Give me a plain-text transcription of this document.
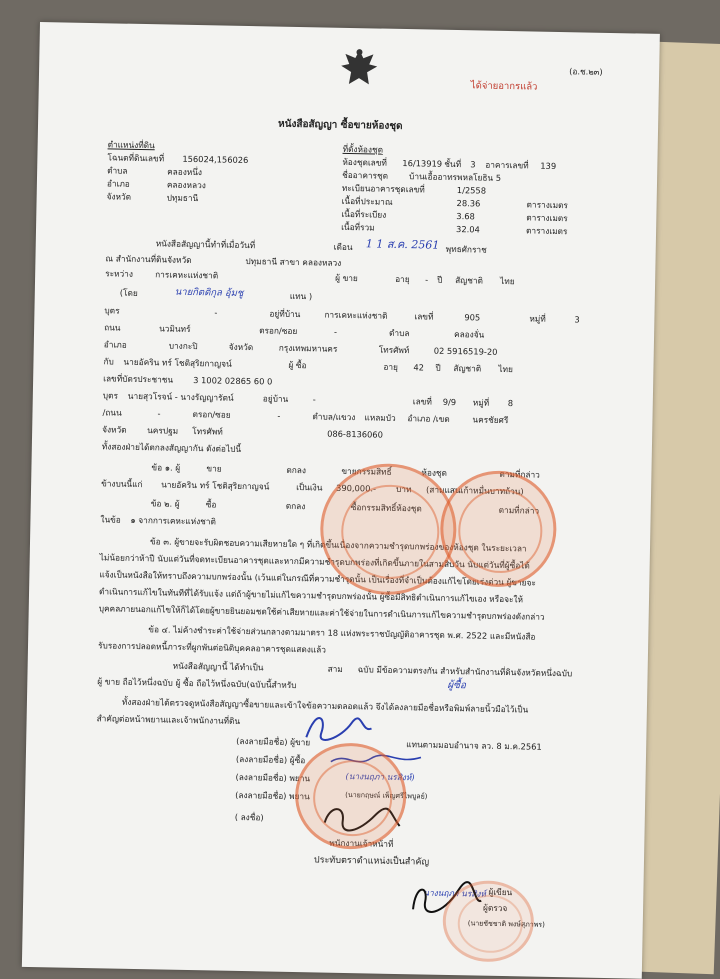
(อ.ช.๒๓)
ได้จ่ายอากรแล้ว
หนังสือสัญญา ซื้อขายห้องชุด
ตำแหน่งที่ดิน
โฉนดที่ดินเลขที่ 156024,156026
ตำบล	คลองหนึ่ง
อำเภอ	คลองหลวง
จังหวัด	ปทุมธานี
ที่ตั้งห้องชุด
ห้องชุดเลขที่ 16/13919 ชั้นที่ 3 อาคารเลขที่ 139
ชื่ออาคารชุด	บ้านเอื้ออาทรพหลโยธิน 5
ทะเบียนอาคารชุดเลขที่	1/2558
เนื้อที่ประมาณ	28.36	ตารางเมตร
เนื้อที่ระเบียง	3.68	ตารางเมตร
เนื้อที่รวม	32.04	ตารางเมตร
หนังสือสัญญานี้ทำที่เมื่อวันที่	เดือน 1 1 ส.ค. 2561 พุทธศักราช
ณ สำนักงานที่ดินจังหวัด	ปทุมธานี สาขา คลองหลวง
ระหว่าง	การเคหะแห่งชาติ	ผู้ ขาย	อายุ - ปี สัญชาติ ไทย
(โดย	นายกิตติกุล อุ้มชู	แทน )
บุตร	-	อยู่ที่บ้าน	การเคหะแห่งชาติ	เลขที่	905	หมู่ที่	3
ถนน	นวมินทร์	ตรอก/ซอย	-	ตำบล	คลองจั่น
อำเภอ	บางกะปิ	จังหวัด	กรุงเทพมหานคร	โทรศัพท์	02 5916519-20
กับ นายอัคริน ทร์ โชติสุริยกาญจน์	ผู้ ซื้อ	อายุ 42 ปี สัญชาติ ไทย
เลขที่บัตรประชาชน 3 1002 02865 60 0
บุตร นายสุวโรจน์ - นางรัญญารัตน์	อยู่บ้าน	-	เลขที่ 9/9 หมู่ที่ 8
/ถนน	-	ตรอก/ซอย	-	ตำบล/แขวง แหลมบัว อำเภอ /เขต	นครชัยศรี
จังหวัด นครปฐม โทรศัพท์	086-8136060
ทั้งสองฝ่ายได้ตกลงสัญญากัน ดังต่อไปนี้
ข้อ ๑. ผู้	ขาย	ตกลง	ขายกรรมสิทธิ์	ห้องชุด	ตามที่กล่าว
ข้างบนนี้แก่ นายอัคริน ทร์ โชติสุริยกาญจน์	เป็นเงิน 390,000.- บาท (สามแสนเก้าหมื่นบาทถ้วน)
ข้อ ๒. ผู้	ซื้อ	ตกลง	ซื้อกรรมสิทธิ์ห้องชุด	ตามที่กล่าว
ในข้อ ๑ จากการเคหะแห่งชาติ
ข้อ ๓. ผู้ขายจะรับผิดชอบความเสียหายใด ๆ ที่เกิดขึ้นเนื่องจากความชำรุดบกพร่องของห้องชุด ในระยะเวลา
ไม่น้อยกว่าห้าปี นับแต่วันที่จดทะเบียนอาคารชุดและหากมีความชำรุดบกพร่องที่เกิดขึ้นภายในสามสิบวัน นับแต่วันที่ผู้ซื้อได้
แจ้งเป็นหนังสือให้ทราบถึงความบกพร่องนั้น (เว้นแต่ในกรณีที่ความชำรุดนั้น เป็นเรื่องที่จำเป็นต้องแก้ไขโดยเร่งด่วน ผู้ขายจะ
ดำเนินการแก้ไขในทันทีที่ได้รับแจ้ง แต่ถ้าผู้ขายไม่แก้ไขความชำรุดบกพร่องนั้น ผู้ซื้อมีสิทธิดำเนินการแก้ไขเอง หรือจะให้
บุคคลภายนอกแก้ไขให้ก็ได้โดยผู้ขายยินยอมชดใช้ค่าเสียหายและค่าใช้จ่ายในการดำเนินการแก้ไขความชำรุดบกพร่องดังกล่าว
ข้อ ๔. ไม่ค้างชำระค่าใช้จ่ายส่วนกลางตามมาตรา 18 แห่งพระราชบัญญัติอาคารชุด พ.ศ. 2522 และมีหนังสือ
รับรองการปลอดหนี้ภาระที่ผูกพันต่อนิติบุคคลอาคารชุดแสดงแล้ว
หนังสือสัญญานี้ ได้ทำเป็น	สาม ฉบับ มีข้อความตรงกัน สำหรับสำนักงานที่ดินจังหวัดหนึ่งฉบับ
ผู้ ขาย ถือไว้หนึ่งฉบับ ผู้ ซื้อ ถือไว้หนึ่งฉบับ(ฉบับนี้สำหรับ	ผู้ซื้อ
ทั้งสองฝ่ายได้ตรวจดูหนังสือสัญญาซื้อขายและเข้าใจข้อความตลอดแล้ว จึงได้ลงลายมือชื่อหรือพิมพ์ลายนิ้วมือไว้เป็น
สำคัญต่อหน้าพยานและเจ้าพนักงานที่ดิน
(ลงลายมือชื่อ) ผู้ขาย	แทนตามมอบอำนาจ ลว. 8 ม.ค.2561
(ลงลายมือชื่อ) ผู้ซื้อ
(ลงลายมือชื่อ) พยาน	(นางนฤภา นรสิงห์)
(ลงลายมือชื่อ) พยาน	(นายกฤษณ์ เพ็ญศรีไพบูลย์)
( ลงชื่อ)
พนักงานเจ้าหน้าที่
ประทับตราตำแหน่งเป็นสำคัญ
นางนฤภา นรสิงห์ ผู้เขียน
ผู้ตรวจ
(นายชัชชาติ พงษ์สุภาพร)
